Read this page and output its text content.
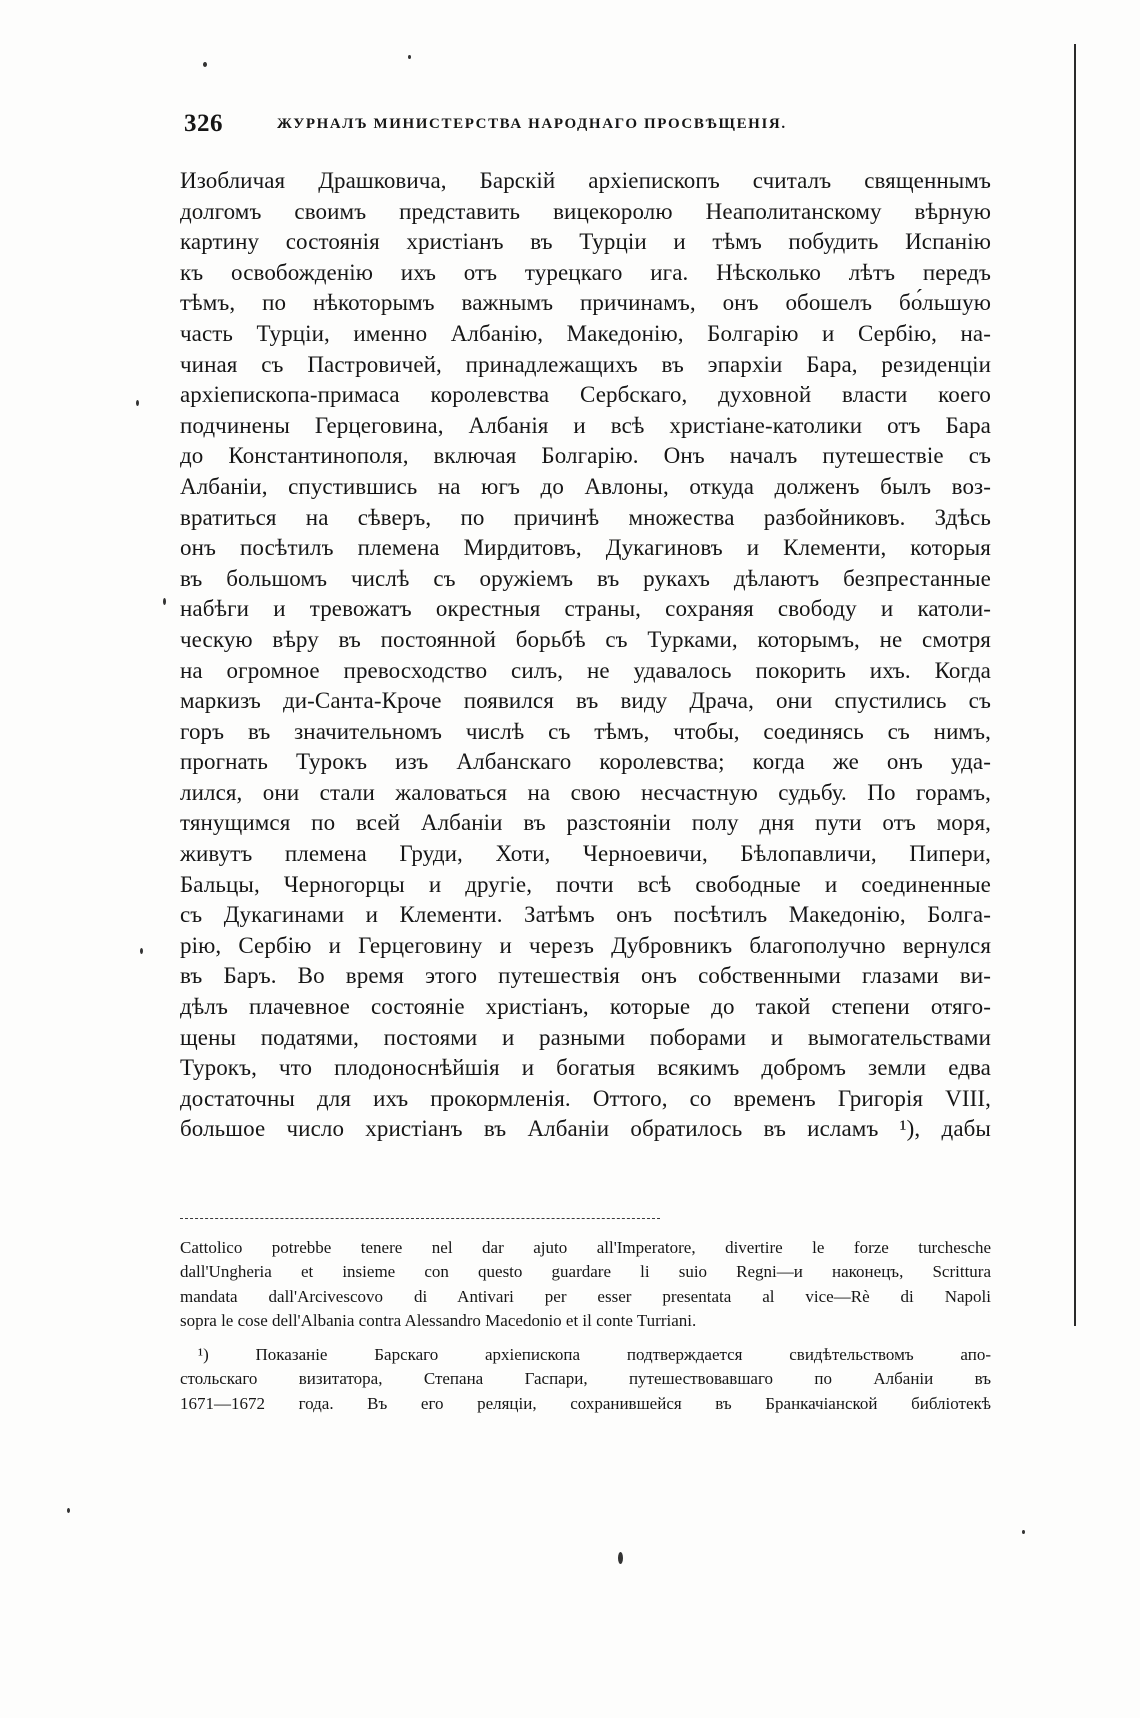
326	ЖУРНАЛЪ МИНИСТЕРСТВА НАРОДНАГО ПРОСВѢЩЕНІЯ.
Изобличая Драшковича, Барскій архіепископъ считалъ священнымъ
долгомъ своимъ представить вицекоролю Неаполитанскому вѣрную
картину состоянія христіанъ въ Турціи и тѣмъ побудить Испанію
къ освобожденію ихъ отъ турецкаго ига. Нѣсколько лѣтъ передъ
тѣмъ, по нѣкоторымъ важнымъ причинамъ, онъ обошелъ бо́льшую
часть Турціи, именно Албанію, Македонію, Болгарію и Сербію, на-
чиная съ Пастровичей, принадлежащихъ въ эпархіи Бара, резиденціи
архіепископа-примаса королевства Сербскаго, духовной власти коего
подчинены Герцеговина, Албанія и всѣ христіане-католики отъ Бара
до Константинополя, включая Болгарію. Онъ началъ путешествіе съ
Албаніи, спустившись на югъ до Авлоны, откуда долженъ былъ воз-
вратиться на сѣверъ, по причинѣ множества разбойниковъ. Здѣсь
онъ посѣтилъ племена Мирдитовъ, Дукагиновъ и Клементи, которыя
въ большомъ числѣ съ оружіемъ въ рукахъ дѣлаютъ безпрестанные
набѣги и тревожатъ окрестныя страны, сохраняя свободу и католи-
ческую вѣру въ постоянной борьбѣ съ Турками, которымъ, не смотря
на огромное превосходство силъ, не удавалось покорить ихъ. Когда
маркизъ ди-Санта-Кроче появился въ виду Драча, они спустились съ
горъ въ значительномъ числѣ съ тѣмъ, чтобы, соединясь съ нимъ,
прогнать Турокъ изъ Албанскаго королевства; когда же онъ уда-
лился, они стали жаловаться на свою несчастную судьбу. По горамъ,
тянущимся по всей Албаніи въ разстояніи полу дня пути отъ моря,
живутъ племена Груди, Хоти, Черноевичи, Бѣлопавличи, Пипери,
Бальцы, Черногорцы и другіе, почти всѣ свободные и соединенные
съ Дукагинами и Клементи. Затѣмъ онъ посѣтилъ Македонію, Болга-
рію, Сербію и Герцеговину и черезъ Дубровникъ благополучно вернулся
въ Баръ. Во время этого путешествія онъ собственными глазами ви-
дѣлъ плачевное состояніе христіанъ, которые до такой степени отяго-
щены податями, постоями и разными поборами и вымогательствами
Турокъ, что плодоноснѣйшія и богатыя всякимъ добромъ земли едва
достаточны для ихъ прокормленія. Оттого, со временъ Григорія VIII,
большое число христіанъ въ Албаніи обратилось въ исламъ ¹), дабы
Cattolico potrebbe tenere nel dar ajuto all'Imperatore, divertire le forze turchesche
dall'Ungheria et insieme con questo guardare li suio Regni—и наконецъ, Scrittura
mandata dall'Arcivescovo di Antivari per esser presentata al vice—Rè di Napoli
sopra le cose dell'Albania contra Alessandro Macedonio et il conte Turriani.
¹) Показаніе Барскаго архіепископа подтверждается свидѣтельствомъ апо-
стольскаго визитатора, Степана Гаспари, путешествовавшаго по Албаніи въ
1671—1672 года. Въ его реляціи, сохранившейся въ Бранкачіанской библіотекѣ
